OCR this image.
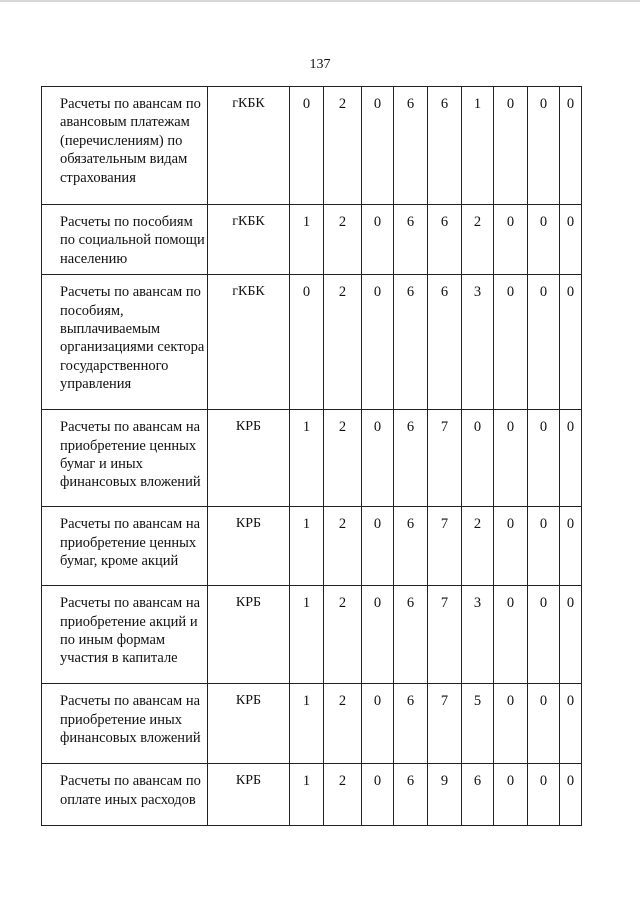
137
Расчеты по авансам по авансовым платежам (перечислениям) по обязательным видам страхования	гКБК	0	2	0	6	6	1	0	0	0
Расчеты по пособиям по социальной помощи населению	гКБК	1	2	0	6	6	2	0	0	0
Расчеты по авансам по пособиям, выплачиваемым организациями сектора государственного управления	гКБК	0	2	0	6	6	3	0	0	0
Расчеты по авансам на приобретение ценных бумаг и иных финансовых вложений	КРБ	1	2	0	6	7	0	0	0	0
Расчеты по авансам на приобретение ценных бумаг, кроме акций	КРБ	1	2	0	6	7	2	0	0	0
Расчеты по авансам на приобретение акций и по иным формам участия в капитале	КРБ	1	2	0	6	7	3	0	0	0
Расчеты по авансам на приобретение иных финансовых вложений	КРБ	1	2	0	6	7	5	0	0	0
Расчеты по авансам по оплате иных расходов	КРБ	1	2	0	6	9	6	0	0	0
